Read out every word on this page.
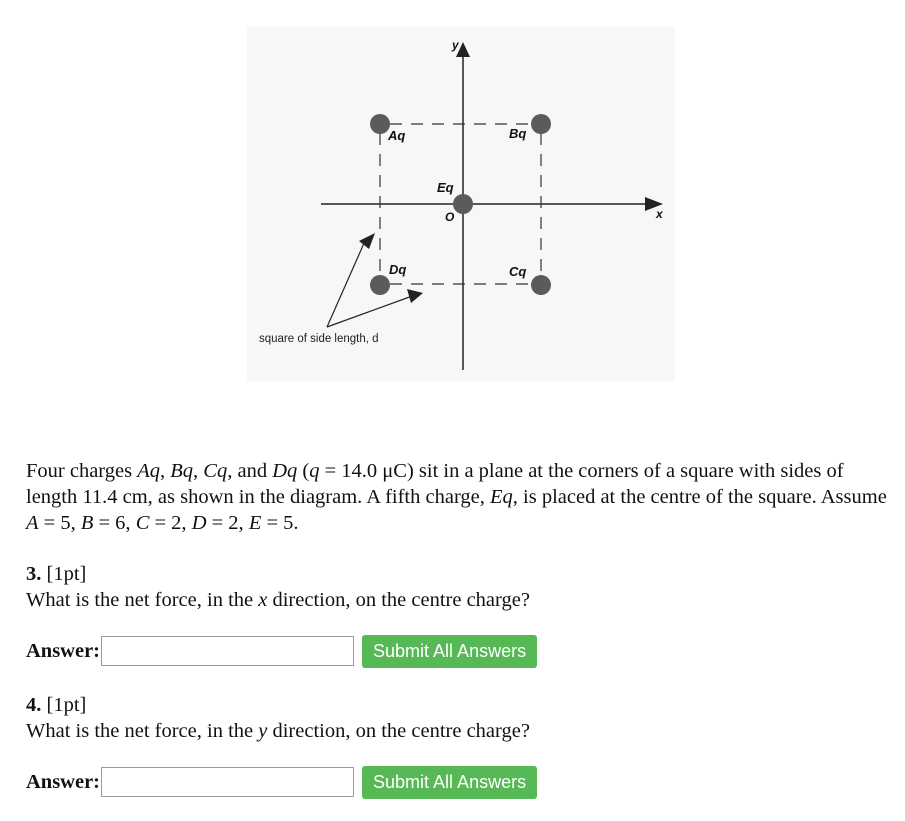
y
x
O
Aq	Bq
Cq
Dq
Eq
square of side length, d
Four charges Aq, Bq, Cq, and Dq (q = 14.0 μC) sit in a plane at the corners of a square with sides of length 11.4 cm, as shown in the diagram. A fifth charge, Eq, is placed at the centre of the square. Assume A = 5, B = 6, C = 2, D = 2, E = 5.
3. [1pt]
What is the net force, in the x direction, on the centre charge?
Answer:	Submit All Answers
4. [1pt]
What is the net force, in the y direction, on the centre charge?
Answer:	Submit All Answers
